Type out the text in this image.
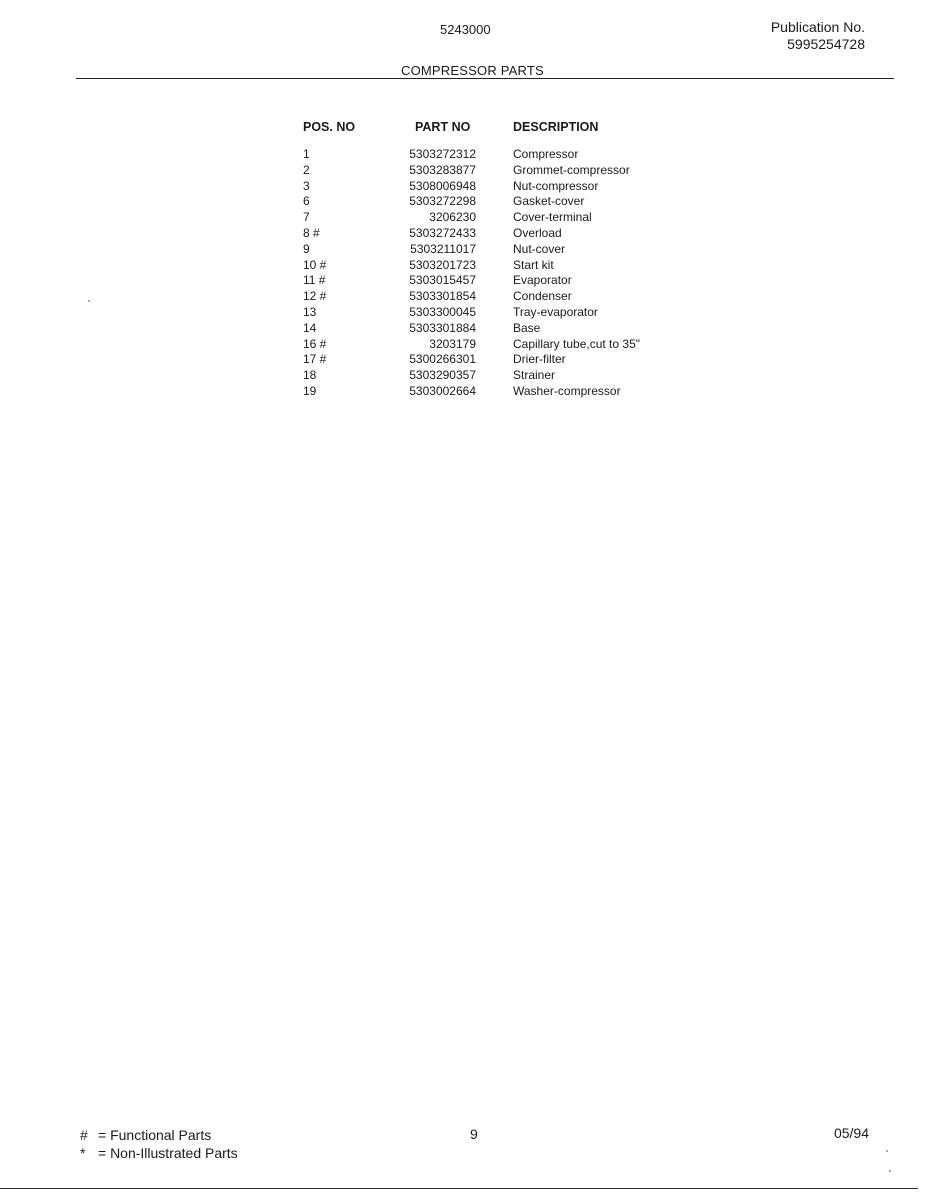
5243000	Publication No.
5995254728
COMPRESSOR PARTS
POS. NO	PART NO	DESCRIPTION
1	5303272312	Compressor
2	5303283877	Grommet-compressor
3	5308006948	Nut-compressor
6	5303272298	Gasket-cover
7	3206230	Cover-terminal
8 #	5303272433	Overload
9	5303211017	Nut-cover
10 #	5303201723	Start kit
11 #	5303015457	Evaporator
12 #	5303301854	Condenser
13	5303300045	Tray-evaporator
14	5303301884	Base
16 #	3203179	Capillary tube,cut to 35"
17 #	5300266301	Drier-filter
18	5303290357	Strainer
19	5303002664	Washer-compressor
# = Functional Parts
* = Non-Illustrated Parts
9	05/94
